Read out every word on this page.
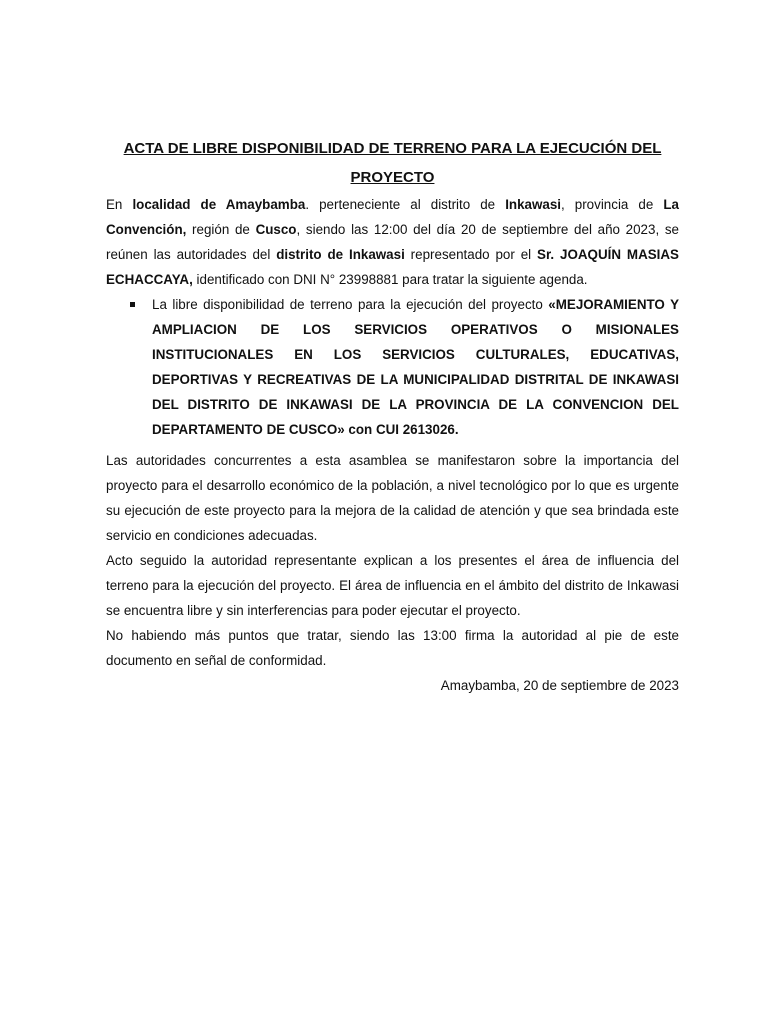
ACTA DE LIBRE DISPONIBILIDAD DE TERRENO PARA LA EJECUCIÓN DEL PROYECTO

En localidad de Amaybamba. perteneciente al distrito de Inkawasi, provincia de La Convención, región de Cusco, siendo las 12:00 del día 20 de septiembre del año 2023, se reúnen las autoridades del distrito de Inkawasi representado por el Sr. JOAQUÍN MASIAS ECHACCAYA, identificado con DNI N° 23998881 para tratar la siguiente agenda.

La libre disponibilidad de terreno para la ejecución del proyecto «MEJORAMIENTO Y AMPLIACION DE LOS SERVICIOS OPERATIVOS O MISIONALES INSTITUCIONALES EN LOS SERVICIOS CULTURALES, EDUCATIVAS, DEPORTIVAS Y RECREATIVAS DE LA MUNICIPALIDAD DISTRITAL DE INKAWASI DEL DISTRITO DE INKAWASI DE LA PROVINCIA DE LA CONVENCION DEL DEPARTAMENTO DE CUSCO» con CUI 2613026.

Las autoridades concurrentes a esta asamblea se manifestaron sobre la importancia del proyecto para el desarrollo económico de la población, a nivel tecnológico por lo que es urgente su ejecución de este proyecto para la mejora de la calidad de atención y que sea brindada este servicio en condiciones adecuadas.

Acto seguido la autoridad representante explican a los presentes el área de influencia del terreno para la ejecución del proyecto. El área de influencia en el ámbito del distrito de Inkawasi se encuentra libre y sin interferencias para poder ejecutar el proyecto.

No habiendo más puntos que tratar, siendo las 13:00 firma la autoridad al pie de este documento en señal de conformidad.

Amaybamba, 20 de septiembre de 2023
